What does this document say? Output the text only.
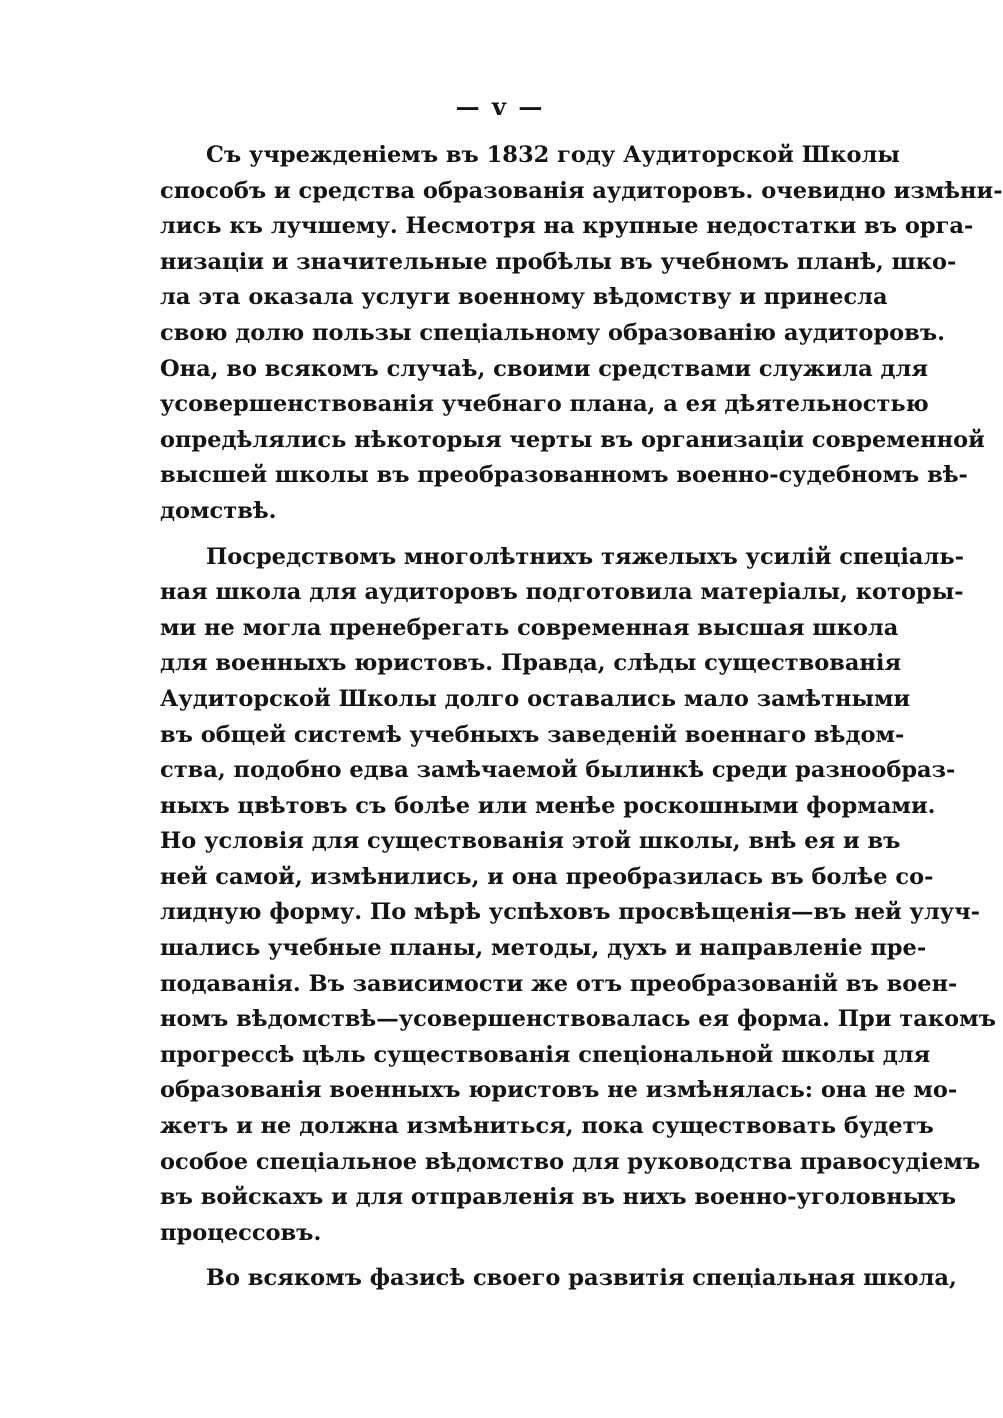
— v —
Съ учрежденіемъ въ 1832 году Аудиторской Школы
способъ и средства образованія аудиторовъ. очевидно измѣни-
лись къ лучшему. Несмотря на крупные недостатки въ орга-
низаціи и значительные пробѣлы въ учебномъ планѣ, шко-
ла эта оказала услуги военному вѣдомству и принесла
свою долю пользы спеціальному образованію аудиторовъ.
Она, во всякомъ случаѣ, своими средствами служила для
усовершенствованія учебнаго плана, а ея дѣятельностью
опредѣлялись нѣкоторыя черты въ организаціи современной
высшей школы въ преобразованномъ военно-судебномъ вѣ-
домствѣ.
Посредствомъ многолѣтнихъ тяжелыхъ усилій спеціаль-
ная школа для аудиторовъ подготовила матеріалы, которы-
ми не могла пренебрегать современная высшая школа
для военныхъ юристовъ. Правда, слѣды существованія
Аудиторской Школы долго оставались мало замѣтными
въ общей системѣ учебныхъ заведеній военнаго вѣдом-
ства, подобно едва замѣчаемой былинкѣ среди разнообраз-
ныхъ цвѣтовъ съ болѣе или менѣе роскошными формами.
Но условія для существованія этой школы, внѣ ея и въ
ней самой, измѣнились, и она преобразилась въ болѣе со-
лидную форму. По мѣрѣ успѣховъ просвѣщенія—въ ней улуч-
шались учебные планы, методы, духъ и направленіе пре-
подаванія. Въ зависимости же отъ преобразованій въ воен-
номъ вѣдомствѣ—усовершенствовалась ея форма. При такомъ
прогрессѣ цѣль существованія спеціональной школы для
образованія военныхъ юристовъ не измѣнялась: она не мо-
жетъ и не должна измѣниться, пока существовать будетъ
особое спеціальное вѣдомство для руководства правосудіемъ
въ войскахъ и для отправленія въ нихъ военно-уголовныхъ
процессовъ.
Во всякомъ фазисѣ своего развитія спеціальная школа,
